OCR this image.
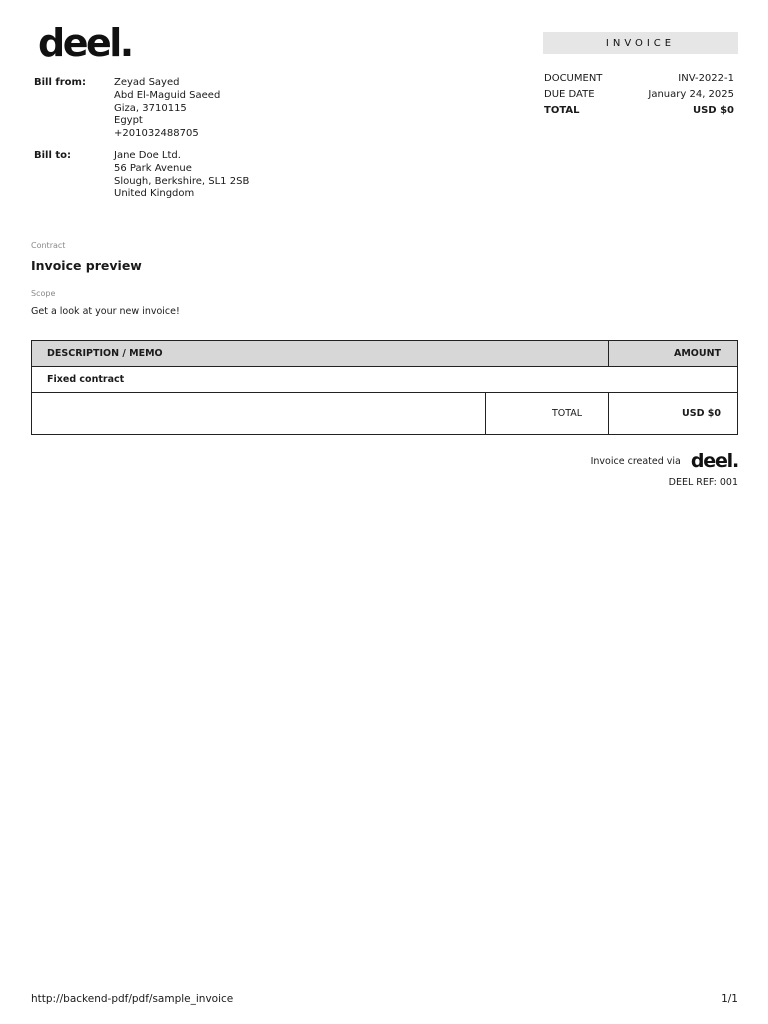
deel.	INVOICE
DOCUMENT	INV-2022-1
DUE DATE	January 24, 2025
TOTAL	USD $0
Bill from:	Zeyad Sayed
Abd El-Maguid Saeed
Giza, 3710115
Egypt
+201032488705
Bill to:	Jane Doe Ltd.
56 Park Avenue
Slough, Berkshire, SL1 2SB
United Kingdom
Contract
Invoice preview
Scope
Get a look at your new invoice!
DESCRIPTION / MEMO		AMOUNT
Fixed contract		
	TOTAL	USD $0
Invoice created via deel.
DEEL REF: 001
http://backend-pdf/pdf/sample_invoice	1/1
